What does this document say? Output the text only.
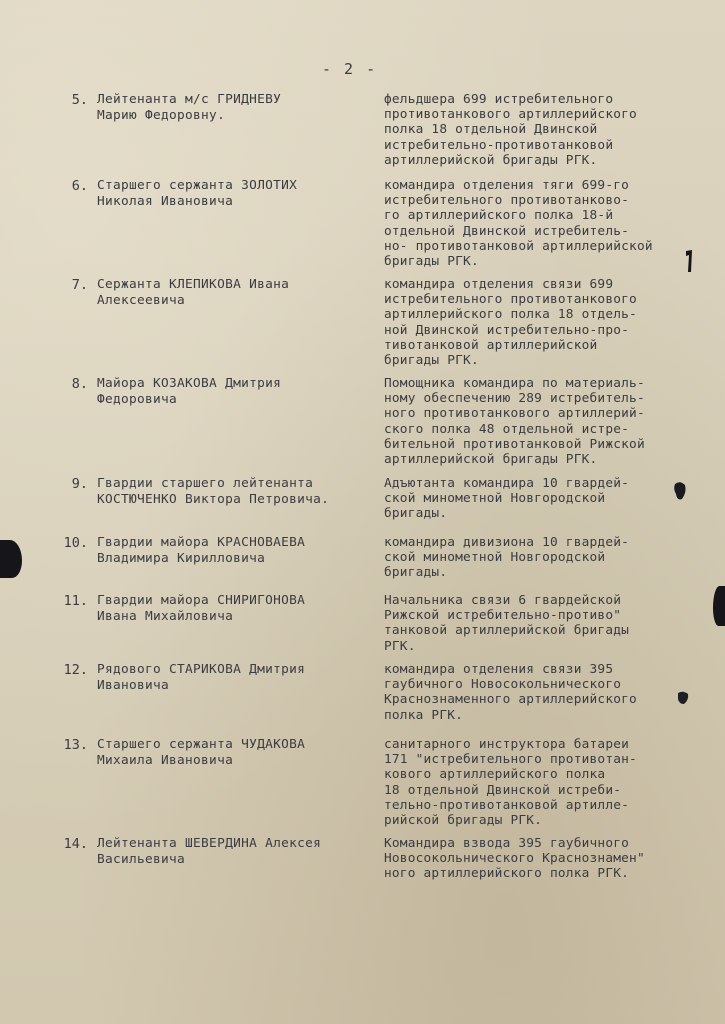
- 2 -
5. Лейтенанта м/с ГРИДНЕВУ
Марию Федоровну.
фельдшера 699 истребительного
противотанкового артиллерийского
полка 18 отдельной Двинской
истребительно-противотанковой
артиллерийской бригады РГК.
6. Старшего сержанта ЗОЛОТИХ
Николая Ивановича
командира отделения тяги 699-го
истребительного противотанково-
го артиллерийского полка 18-й
отдельной Двинской истребитель-
но- противотанковой артиллерийской
бригады РГК.
7. Сержанта КЛЕПИКОВА Ивана
Алексеевича
командира отделения связи 699
истребительного противотанкового
артиллерийского полка 18 отдель-
ной Двинской истребительно-про-
тивотанковой артиллерийской
бригады РГК.
8. Майора КОЗАКОВА Дмитрия
Федоровича
Помощника командира по материаль-
ному обеспечению 289 истребитель-
ного противотанкового артиллерий-
ского полка 48 отдельной истре-
бительной противотанковой Рижской
артиллерийской бригады РГК.
9. Гвардии старшего лейтенанта
КОСТЮЧЕНКО Виктора Петровича.
Адъютанта командира 10 гвардей-
ской минометной Новгородской
бригады.
10. Гвардии майора КРАСНОВАЕВА
Владимира Кирилловича
командира дивизиона 10 гвардей-
ской минометной Новгородской
бригады.
11. Гвардии майора СНИРИГОНОВА
Ивана Михайловича
Начальника связи 6 гвардейской
Рижской истребительно-противо"
танковой артиллерийской бригады
РГК.
12. Рядового СТАРИКОВА Дмитрия
Ивановича
командира отделения связи 395
гаубичного Новосокольнического
Краснознаменного артиллерийского
полка РГК.
13. Старшего сержанта ЧУДАКОВА
Михаила Ивановича
санитарного инструктора батареи
171 "истребительного противотан-
кового артиллерийского полка
18 отдельной Двинской истреби-
тельно-противотанковой артилле-
рийской бригады РГК.
14. Лейтенанта ШЕВЕРДИНА Алексея
Васильевича
Командира взвода 395 гаубичного
Новосокольнического Краснознамен"
ного артиллерийского полка РГК.
